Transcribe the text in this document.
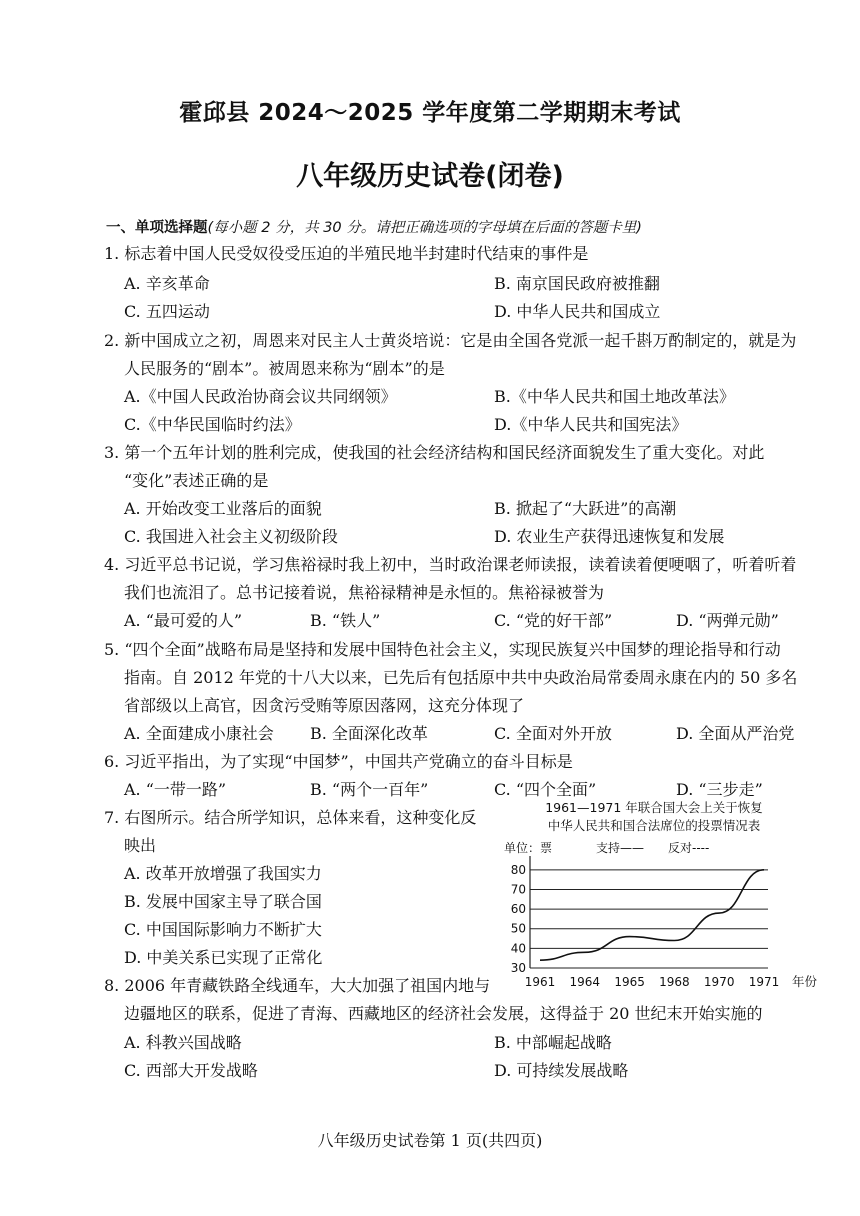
霍邱县 2024～2025 学年度第二学期期末考试
八年级历史试卷(闭卷)
一、单项选择题(每小题 2 分，共 30 分。请把正确选项的字母填在后面的答题卡里)
1. 标志着中国人民受奴役受压迫的半殖民地半封建时代结束的事件是
A. 辛亥革命	B. 南京国民政府被推翻
C. 五四运动	D. 中华人民共和国成立
2. 新中国成立之初，周恩来对民主人士黄炎培说：它是由全国各党派一起千斟万酌制定的，就是为
人民服务的“剧本”。被周恩来称为“剧本”的是
A.《中国人民政治协商会议共同纲领》	B.《中华人民共和国土地改革法》
C.《中华民国临时约法》	D.《中华人民共和国宪法》
3. 第一个五年计划的胜利完成，使我国的社会经济结构和国民经济面貌发生了重大变化。对此
“变化”表述正确的是
A. 开始改变工业落后的面貌	B. 掀起了“大跃进”的高潮
C. 我国进入社会主义初级阶段	D. 农业生产获得迅速恢复和发展
4. 习近平总书记说，学习焦裕禄时我上初中，当时政治课老师读报，读着读着便哽咽了，听着听着
我们也流泪了。总书记接着说，焦裕禄精神是永恒的。焦裕禄被誉为
A. “最可爱的人”	B. “铁人”	C. “党的好干部”	D. “两弹元勋”
5. “四个全面”战略布局是坚持和发展中国特色社会主义，实现民族复兴中国梦的理论指导和行动
指南。自 2012 年党的十八大以来，已先后有包括原中共中央政治局常委周永康在内的 50 多名
省部级以上高官，因贪污受贿等原因落网，这充分体现了
A. 全面建成小康社会 B. 全面深化改革	C. 全面对外开放	D. 全面从严治党
6. 习近平指出，为了实现“中国梦”，中国共产党确立的奋斗目标是
A. “一带一路”	B. “两个一百年”	C. “四个全面”	D. “三步走”
7. 右图所示。结合所学知识，总体来看，这种变化反
映出
A. 改革开放增强了我国实力
B. 发展中国家主导了联合国
C. 中国国际影响力不断扩大
D. 中美关系已实现了正常化
1961—1971 年联合国大会上关于恢复
中华人民共和国合法席位的投票情况表
单位：票	支持—— 反对----
30
40
50
60
70
80
1961 1964 1965 1968 1970 1971 年份
8. 2006 年青藏铁路全线通车，大大加强了祖国内地与
边疆地区的联系，促进了青海、西藏地区的经济社会发展，这得益于 20 世纪末开始实施的
A. 科教兴国战略	B. 中部崛起战略
C. 西部大开发战略	D. 可持续发展战略
八年级历史试卷第 1 页(共四页)
